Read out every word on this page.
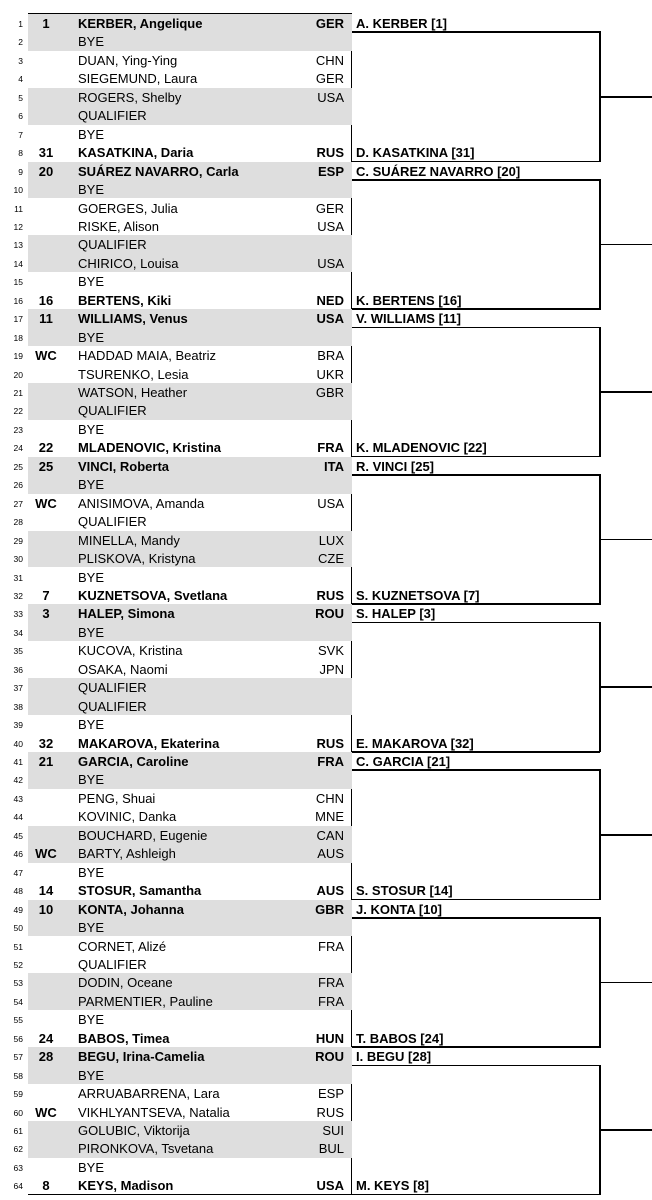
1	1	KERBER, Angelique	GER
2	BYE
3	DUAN, Ying-Ying	CHN
4	SIEGEMUND, Laura	GER
5	ROGERS, Shelby	USA
6	QUALIFIER
7	BYE
8	31	KASATKINA, Daria	RUS
9	20	SUÁREZ NAVARRO, Carla	ESP
10	BYE
11	GOERGES, Julia	GER
12	RISKE, Alison	USA
13	QUALIFIER
14	CHIRICO, Louisa	USA
15	BYE
16	16	BERTENS, Kiki	NED
17	11	WILLIAMS, Venus	USA
18	BYE
19 WC	HADDAD MAIA, Beatriz	BRA
20	TSURENKO, Lesia	UKR
21	WATSON, Heather	GBR
22	QUALIFIER
23	BYE
24	22	MLADENOVIC, Kristina	FRA
25	25	VINCI, Roberta	ITA
26	BYE
27 WC	ANISIMOVA, Amanda	USA
28	QUALIFIER
29	MINELLA, Mandy	LUX
30	PLISKOVA, Kristyna	CZE
31	BYE
32	7	KUZNETSOVA, Svetlana	RUS
33	3	HALEP, Simona	ROU
34	BYE
35	KUCOVA, Kristina	SVK
36	OSAKA, Naomi	JPN
37	QUALIFIER
38	QUALIFIER
39	BYE
40	32	MAKAROVA, Ekaterina	RUS
41	21	GARCIA, Caroline	FRA
42	BYE
43	PENG, Shuai	CHN
44	KOVINIC, Danka	MNE
45	BOUCHARD, Eugenie	CAN
46 WC	BARTY, Ashleigh	AUS
47	BYE
48	14	STOSUR, Samantha	AUS
49	10	KONTA, Johanna	GBR
50	BYE
51	CORNET, Alizé	FRA
52	QUALIFIER
53	DODIN, Oceane	FRA
54	PARMENTIER, Pauline	FRA
55	BYE
56	24	BABOS, Timea	HUN
57	28	BEGU, Irina-Camelia	ROU
58	BYE
59	ARRUABARRENA, Lara	ESP
60 WC	VIKHLYANTSEVA, Natalia	RUS
61	GOLUBIC, Viktorija	SUI
62	PIRONKOVA, Tsvetana	BUL
63	BYE
64	8	KEYS, Madison	USA
A. KERBER [1]
D. KASATKINA [31]
C. SUÁREZ NAVARRO [20]
K. BERTENS [16]
V. WILLIAMS [11]
K. MLADENOVIC [22]
R. VINCI [25]
S. KUZNETSOVA [7]
S. HALEP [3]
E. MAKAROVA [32]
C. GARCIA [21]
S. STOSUR [14]
J. KONTA [10]
T. BABOS [24]
I. BEGU [28]
M. KEYS [8]
